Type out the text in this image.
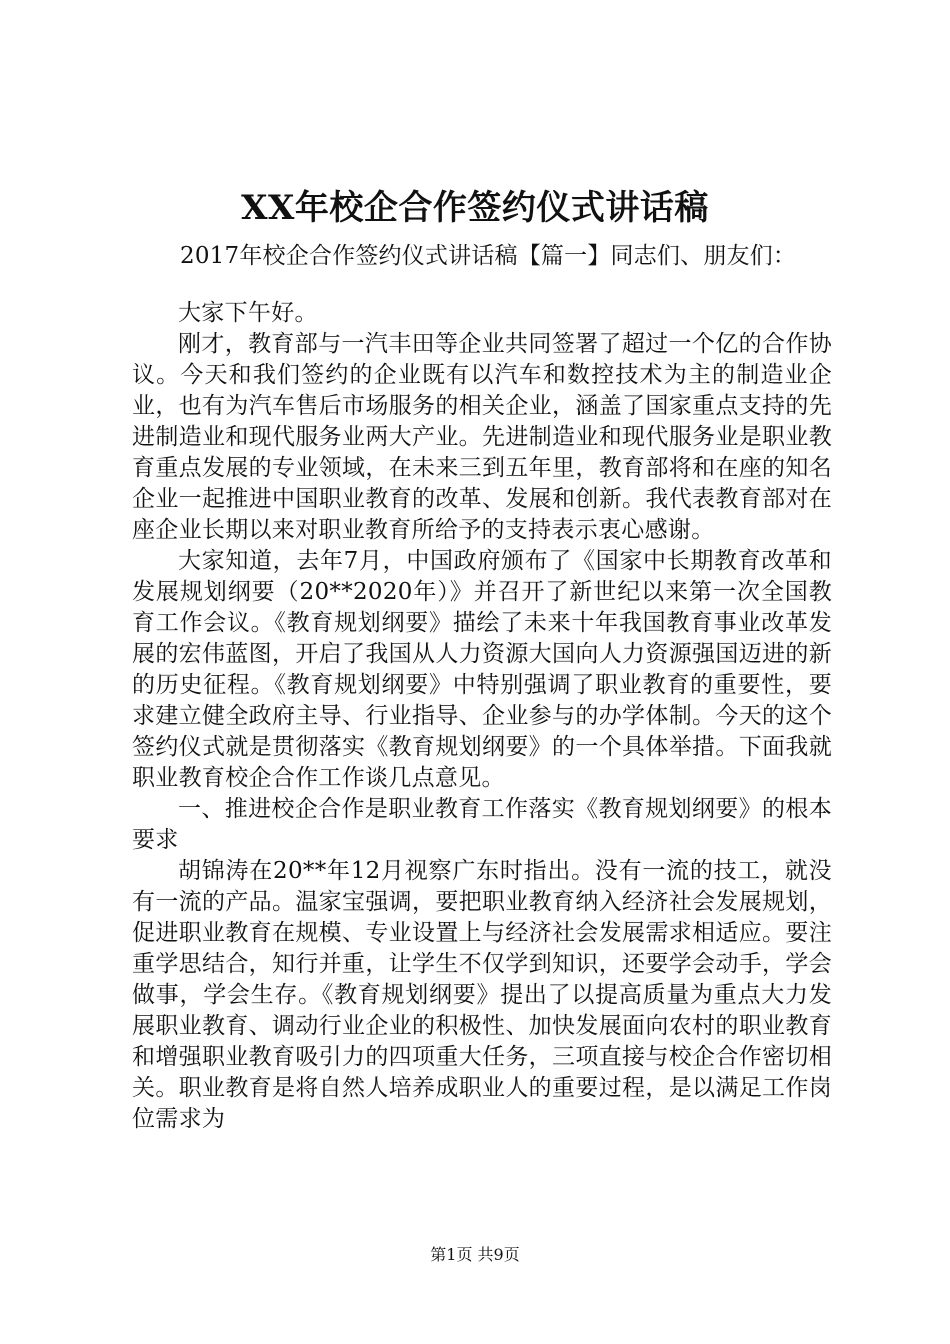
XX年校企合作签约仪式讲话稿
2017年校企合作签约仪式讲话稿【篇一】同志们、朋友们：

大家下午好。

刚才，教育部与一汽丰田等企业共同签署了超过一个亿的合作协议。今天和我们签约的企业既有以汽车和数控技术为主的制造业企业，也有为汽车售后市场服务的相关企业，涵盖了国家重点支持的先进制造业和现代服务业两大产业。先进制造业和现代服务业是职业教育重点发展的专业领域，在未来三到五年里，教育部将和在座的知名企业一起推进中国职业教育的改革、发展和创新。我代表教育部对在座企业长期以来对职业教育所给予的支持表示衷心感谢。

大家知道，去年7月，中国政府颁布了《国家中长期教育改革和发展规划纲要（20**2020年）》并召开了新世纪以来第一次全国教育工作会议。《教育规划纲要》描绘了未来十年我国教育事业改革发展的宏伟蓝图，开启了我国从人力资源大国向人力资源强国迈进的新的历史征程。《教育规划纲要》中特别强调了职业教育的重要性，要求建立健全政府主导、行业指导、企业参与的办学体制。今天的这个签约仪式就是贯彻落实《教育规划纲要》的一个具体举措。下面我就职业教育校企合作工作谈几点意见。

一、推进校企合作是职业教育工作落实《教育规划纲要》的根本要求

胡锦涛在20**年12月视察广东时指出。没有一流的技工，就没有一流的产品。温家宝强调，要把职业教育纳入经济社会发展规划，促进职业教育在规模、专业设置上与经济社会发展需求相适应。要注重学思结合，知行并重，让学生不仅学到知识，还要学会动手，学会做事，学会生存。《教育规划纲要》提出了以提高质量为重点大力发展职业教育、调动行业企业的积极性、加快发展面向农村的职业教育和增强职业教育吸引力的四项重大任务，三项直接与校企合作密切相关。职业教育是将自然人培养成职业人的重要过程，是以满足工作岗位需求为

第1页 共9页
